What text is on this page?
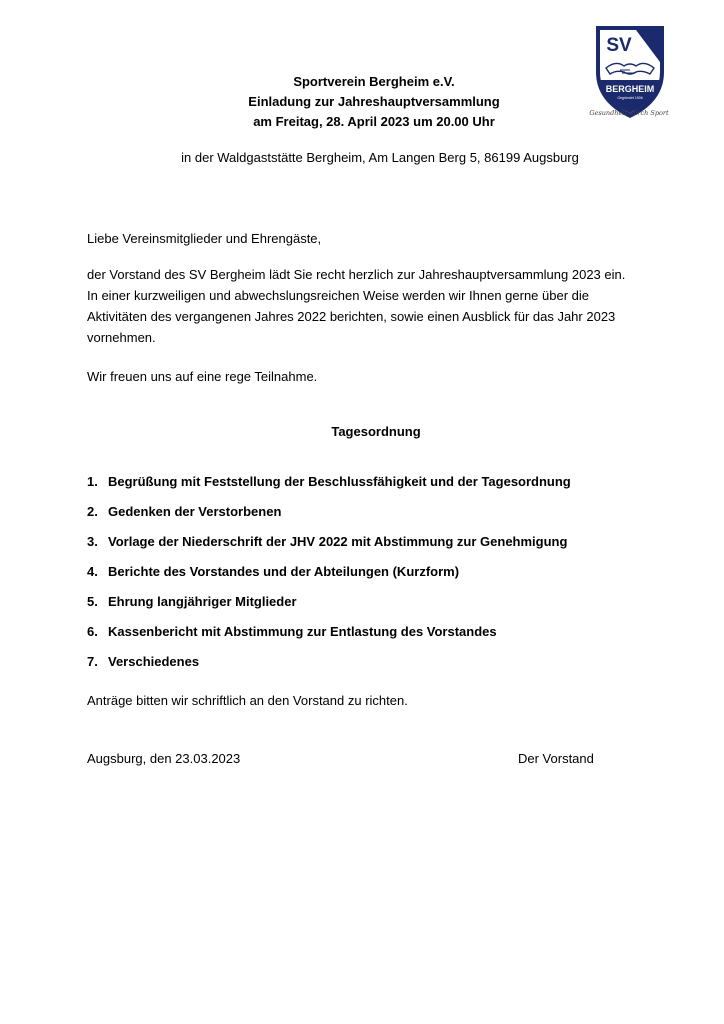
SV
BERGHEIM
Gegründet 1906
Gesundheit durch Sport
Sportverein Bergheim e.V.
Einladung zur Jahreshauptversammlung
am Freitag, 28. April 2023 um 20.00 Uhr
in der Waldgaststätte Bergheim, Am Langen Berg 5, 86199 Augsburg
Liebe Vereinsmitglieder und Ehrengäste,
der Vorstand des SV Bergheim lädt Sie recht herzlich zur Jahreshauptversammlung 2023 ein.
In einer kurzweiligen und abwechslungsreichen Weise werden wir Ihnen gerne über die
Aktivitäten des vergangenen Jahres 2022 berichten, sowie einen Ausblick für das Jahr 2023
vornehmen.
Wir freuen uns auf eine rege Teilnahme.
Tagesordnung
1. Begrüßung mit Feststellung der Beschlussfähigkeit und der Tagesordnung
2. Gedenken der Verstorbenen
3. Vorlage der Niederschrift der JHV 2022 mit Abstimmung zur Genehmigung
4. Berichte des Vorstandes und der Abteilungen (Kurzform)
5. Ehrung langjähriger Mitglieder
6. Kassenbericht mit Abstimmung zur Entlastung des Vorstandes
7. Verschiedenes
Anträge bitten wir schriftlich an den Vorstand zu richten.
Augsburg, den 23.03.2023	Der Vorstand
